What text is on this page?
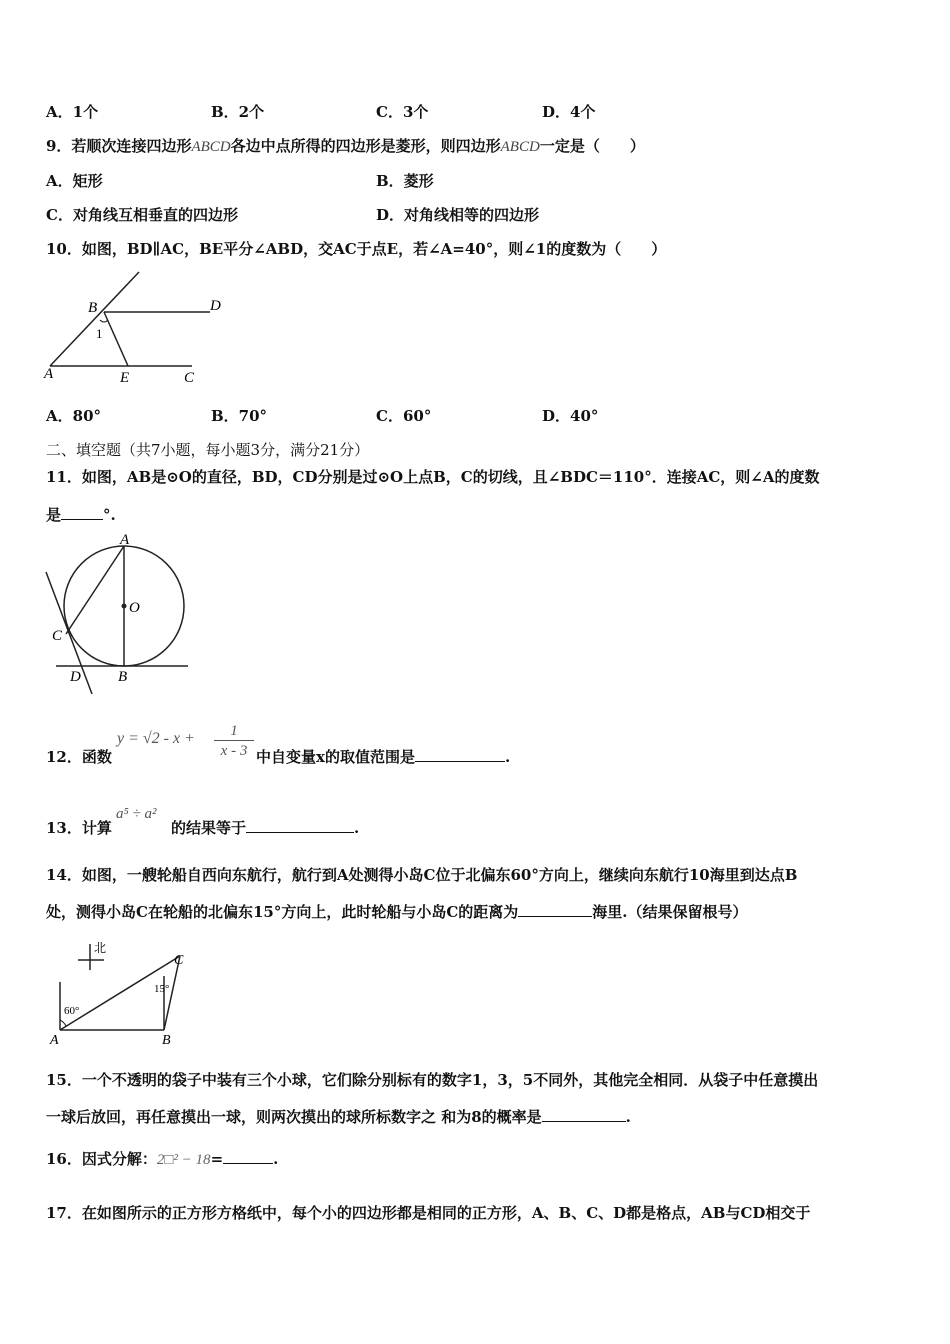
A．1个	B．2个	C．3个	D．4个
9．若顺次连接四边形ABCD各边中点所得的四边形是菱形，则四边形ABCD一定是（　　）
A．矩形	B．菱形
C．对角线互相垂直的四边形	D．对角线相等的四边形
10．如图，BD∥AC，BE平分∠ABD，交AC于点E，若∠A=40°，则∠1的度数为（　　）
B	D
1
A	E	C
A．80°	B．70°	C．60°	D．40°
二、填空题（共7小题，每小题3分，满分21分）
11．如图，AB是⊙O的直径，BD，CD分别是过⊙O上点B，C的切线，且∠BDC＝110°．连接AC，则∠A的度数
是	°.
A
O
C
D B
12．函数
y = √2 - x +	1
x - 3 中自变量x的取值范围是	.
13．计算
a⁵ ÷ a²
的结果等于	.
14．如图，一艘轮船自西向东航行，航行到A处测得小岛C位于北偏东60°方向上，继续向东航行10海里到达点B
处，测得小岛C在轮船的北偏东15°方向上，此时轮船与小岛C的距离为	海里.（结果保留根号）
北
C
15°
60°
A	B
15．一个不透明的袋子中装有三个小球，它们除分别标有的数字1，3，5不同外，其他完全相同．从袋子中任意摸出
一球后放回，再任意摸出一球，则两次摸出的球所标数字之 和为8的概率是	.
16．因式分解：2□² − 18=	.
17．在如图所示的正方形方格纸中，每个小的四边形都是相同的正方形，A、B、C、D都是格点，AB与CD相交于
